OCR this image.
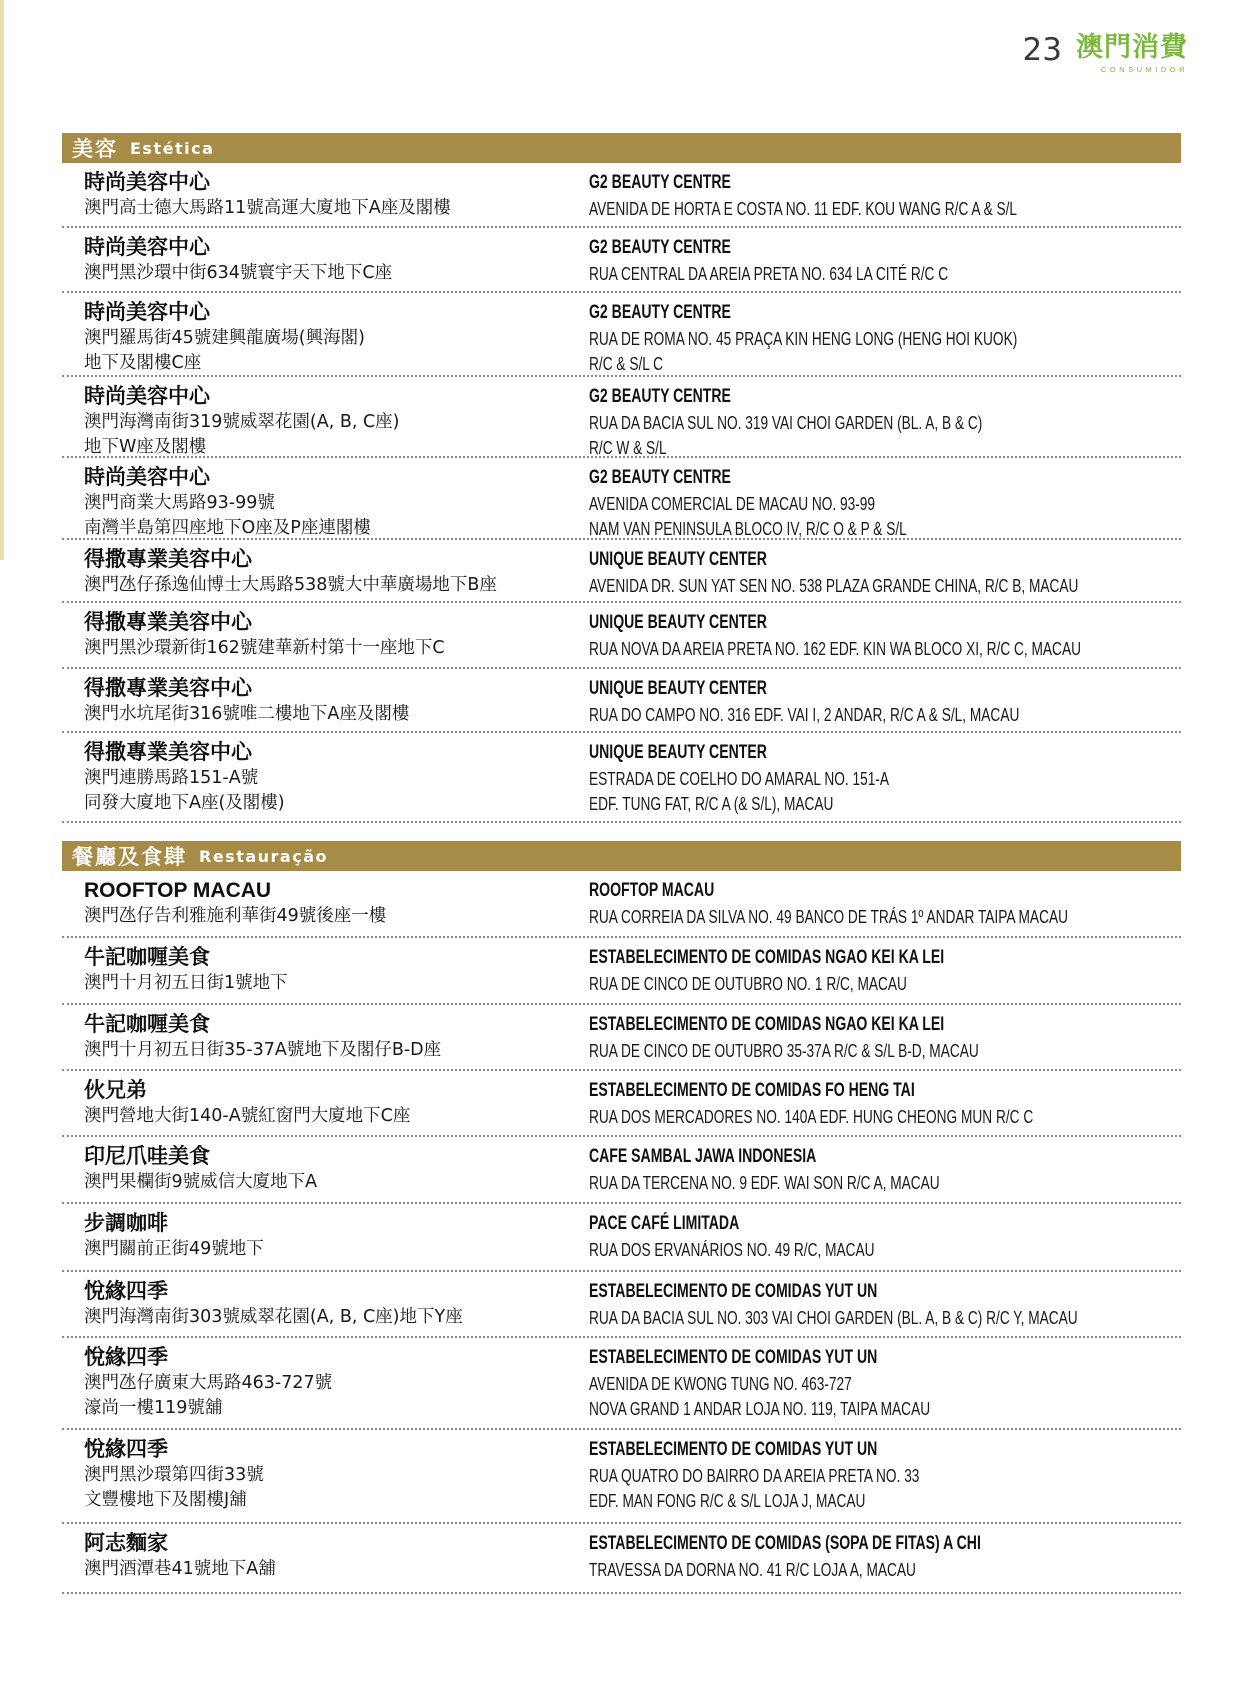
23 澳門消費
CONSUMIDOR
美容 Estética
時尚美容中心
澳門高士德大馬路11號高運大廈地下A座及閣樓
G2 BEAUTY CENTRE
AVENIDA DE HORTA E COSTA NO. 11 EDF. KOU WANG R/C A & S/L
時尚美容中心
澳門黑沙環中街634號寰宇天下地下C座
G2 BEAUTY CENTRE
RUA CENTRAL DA AREIA PRETA NO. 634 LA CITÉ R/C C
時尚美容中心
澳門羅馬街45號建興龍廣場(興海閣)
地下及閣樓C座
G2 BEAUTY CENTRE
RUA DE ROMA NO. 45 PRAÇA KIN HENG LONG (HENG HOI KUOK)
R/C & S/L C
時尚美容中心
澳門海灣南街319號威翠花園(A, B, C座)
地下W座及閣樓
G2 BEAUTY CENTRE
RUA DA BACIA SUL NO. 319 VAI CHOI GARDEN (BL. A, B & C)
R/C W & S/L
時尚美容中心
澳門商業大馬路93-99號
南灣半島第四座地下O座及P座連閣樓
G2 BEAUTY CENTRE
AVENIDA COMERCIAL DE MACAU NO. 93-99
NAM VAN PENINSULA BLOCO IV, R/C O & P & S/L
得撒專業美容中心
澳門氹仔孫逸仙博士大馬路538號大中華廣場地下B座
UNIQUE BEAUTY CENTER
AVENIDA DR. SUN YAT SEN NO. 538 PLAZA GRANDE CHINA, R/C B, MACAU
得撒專業美容中心
澳門黑沙環新街162號建華新村第十一座地下C
UNIQUE BEAUTY CENTER
RUA NOVA DA AREIA PRETA NO. 162 EDF. KIN WA BLOCO XI, R/C C, MACAU
得撒專業美容中心
澳門水坑尾街316號唯二樓地下A座及閣樓
UNIQUE BEAUTY CENTER
RUA DO CAMPO NO. 316 EDF. VAI I, 2 ANDAR, R/C A & S/L, MACAU
得撒專業美容中心
澳門連勝馬路151-A號
同發大廈地下A座(及閣樓)
UNIQUE BEAUTY CENTER
ESTRADA DE COELHO DO AMARAL NO. 151-A
EDF. TUNG FAT, R/C A (& S/L), MACAU
餐廳及食肆 Restauração
ROOFTOP MACAU
澳門氹仔告利雅施利華街49號後座一樓
ROOFTOP MACAU
RUA CORREIA DA SILVA NO. 49 BANCO DE TRÁS 1º ANDAR TAIPA MACAU
牛記咖喱美食
澳門十月初五日街1號地下
ESTABELECIMENTO DE COMIDAS NGAO KEI KA LEI
RUA DE CINCO DE OUTUBRO NO. 1 R/C, MACAU
牛記咖喱美食
澳門十月初五日街35-37A號地下及閣仔B-D座
ESTABELECIMENTO DE COMIDAS NGAO KEI KA LEI
RUA DE CINCO DE OUTUBRO 35-37A R/C & S/L B-D, MACAU
伙兄弟
澳門營地大街140-A號紅窗門大廈地下C座
ESTABELECIMENTO DE COMIDAS FO HENG TAI
RUA DOS MERCADORES NO. 140A EDF. HUNG CHEONG MUN R/C C
印尼爪哇美食
澳門果欄街9號威信大廈地下A
CAFE SAMBAL JAWA INDONESIA
RUA DA TERCENA NO. 9 EDF. WAI SON R/C A, MACAU
步調咖啡
澳門關前正街49號地下
PACE CAFÉ LIMITADA
RUA DOS ERVANÁRIOS NO. 49 R/C, MACAU
悅緣四季
澳門海灣南街303號威翠花園(A, B, C座)地下Y座
ESTABELECIMENTO DE COMIDAS YUT UN
RUA DA BACIA SUL NO. 303 VAI CHOI GARDEN (BL. A, B & C) R/C Y, MACAU
悅緣四季
澳門氹仔廣東大馬路463-727號
濠尚一樓119號舖
ESTABELECIMENTO DE COMIDAS YUT UN
AVENIDA DE KWONG TUNG NO. 463-727
NOVA GRAND 1 ANDAR LOJA NO. 119, TAIPA MACAU
悅緣四季
澳門黑沙環第四街33號
文豐樓地下及閣樓J舖
ESTABELECIMENTO DE COMIDAS YUT UN
RUA QUATRO DO BAIRRO DA AREIA PRETA NO. 33
EDF. MAN FONG R/C & S/L LOJA J, MACAU
阿志麵家
澳門酒潭巷41號地下A舖
ESTABELECIMENTO DE COMIDAS (SOPA DE FITAS) A CHI
TRAVESSA DA DORNA NO. 41 R/C LOJA A, MACAU
